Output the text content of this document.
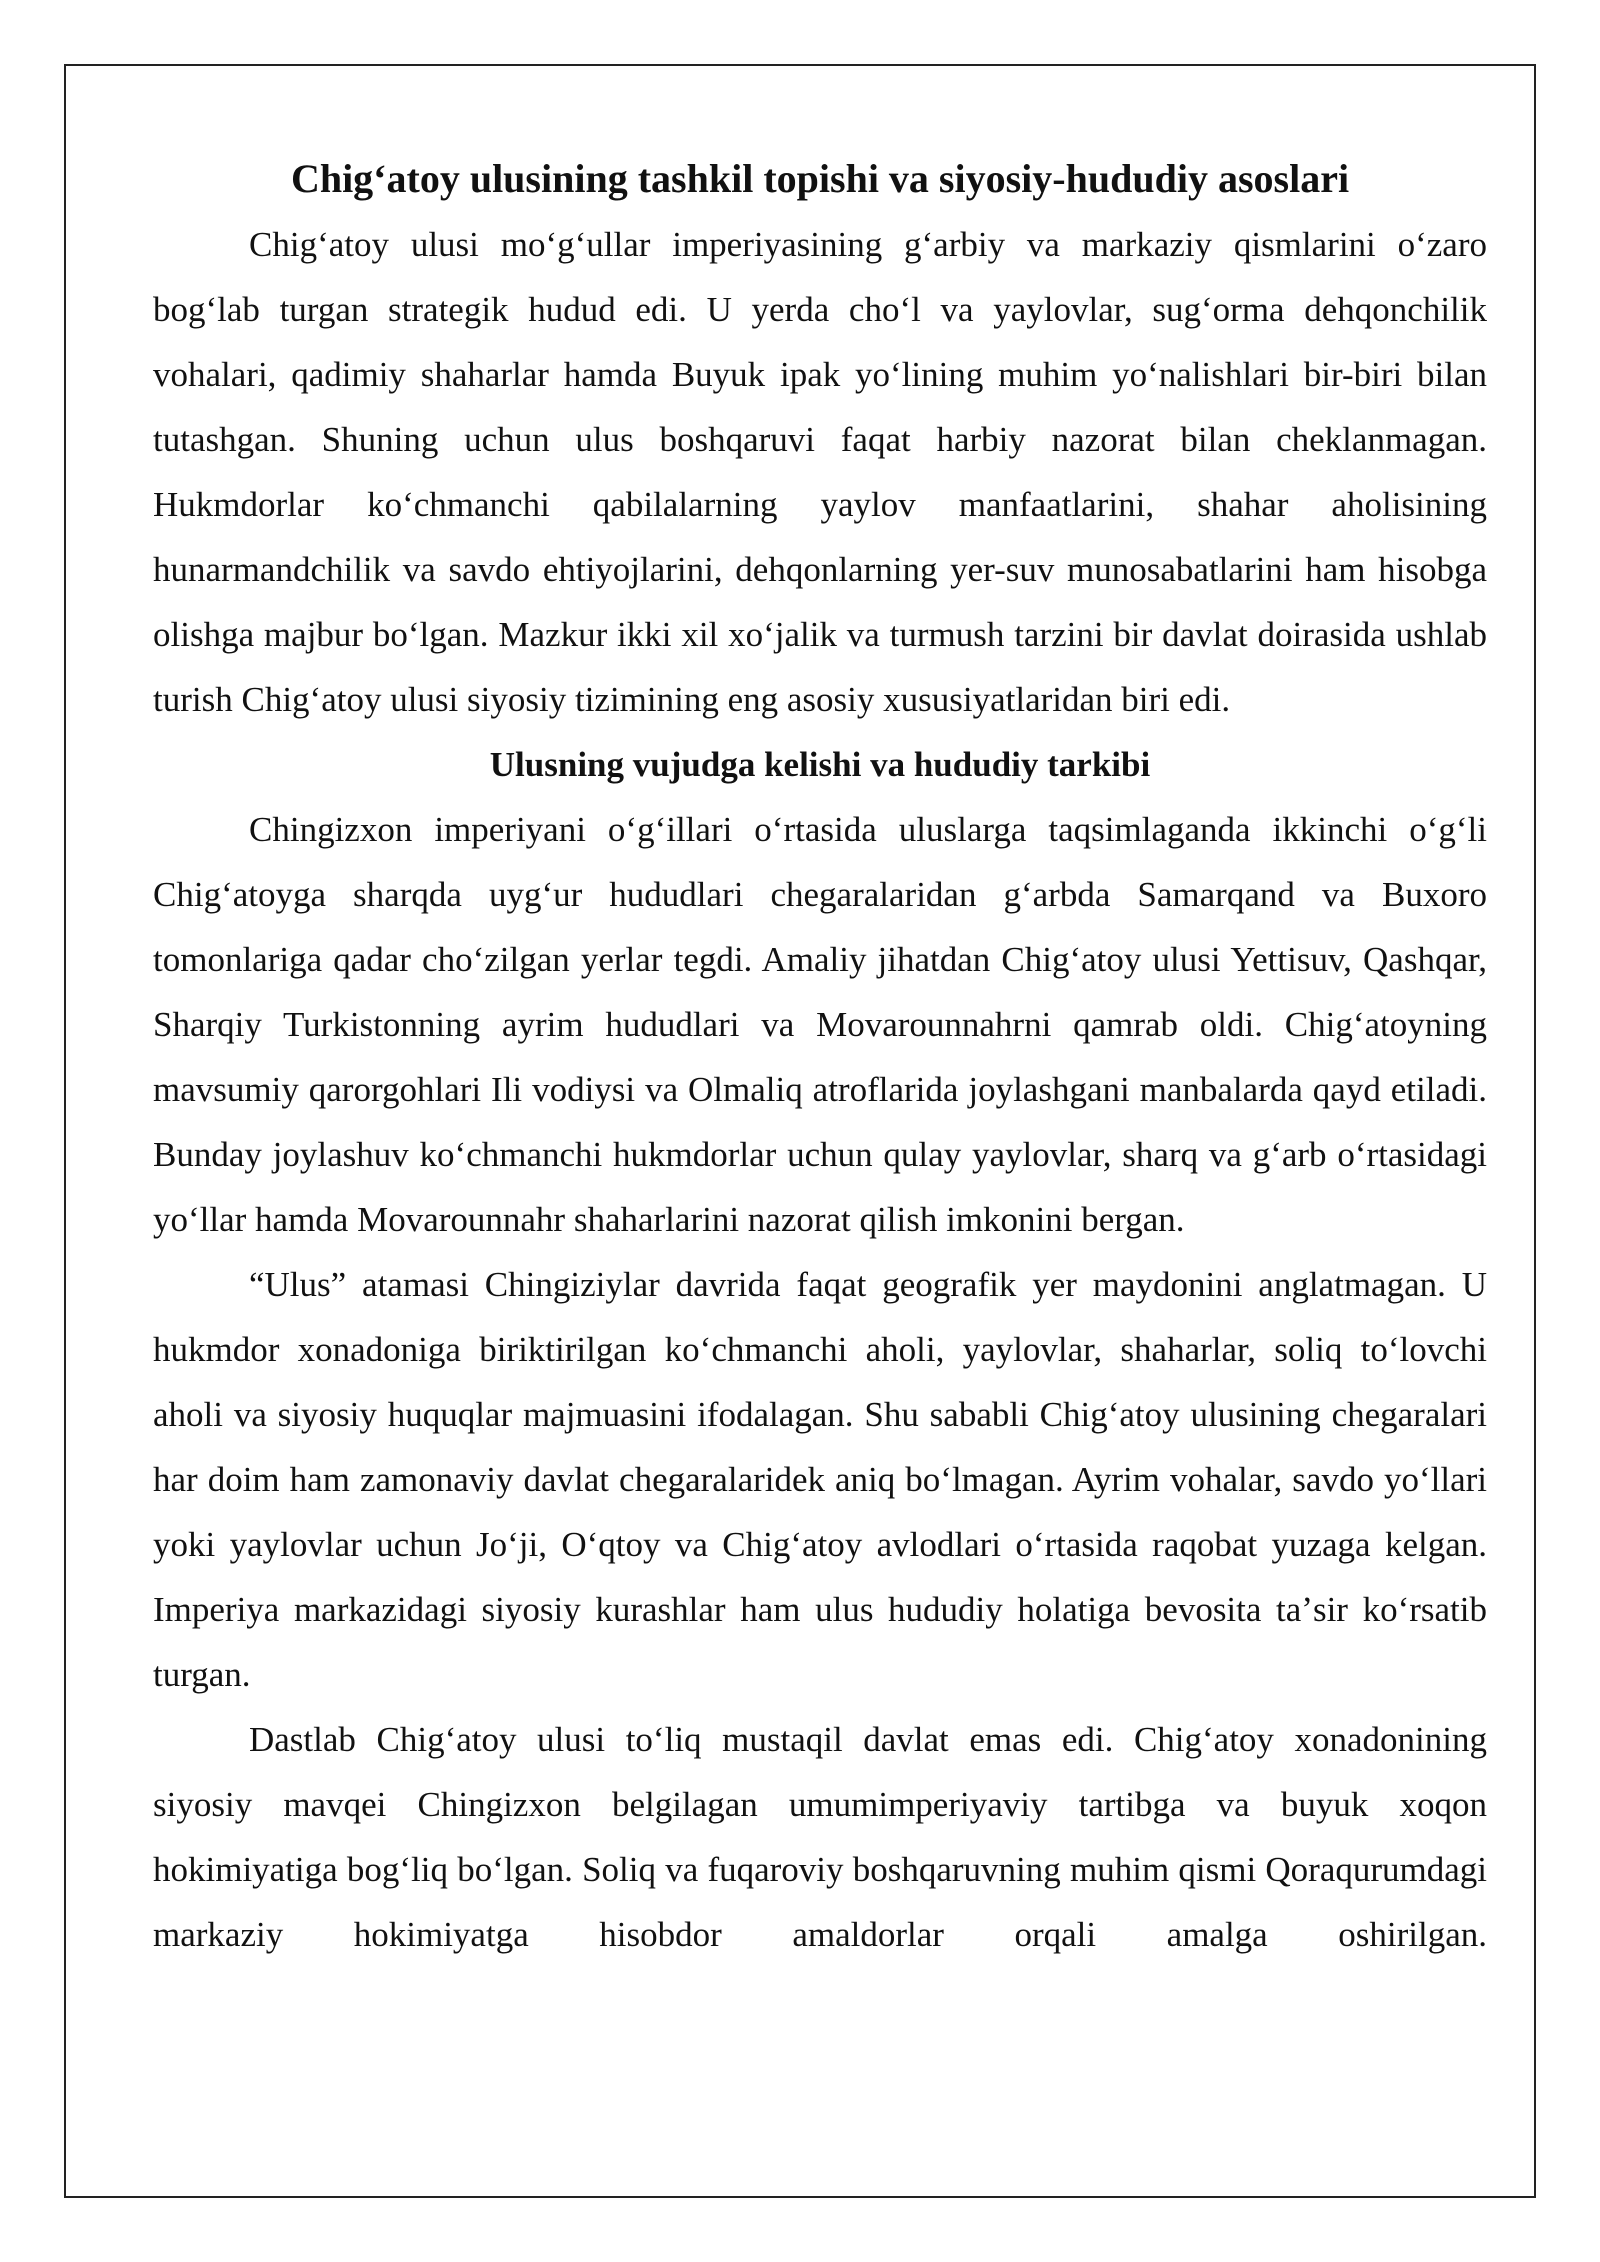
Chigʻatoy ulusining tashkil topishi va siyosiy-hududiy asoslari

Chigʻatoy ulusi moʻgʻullar imperiyasining gʻarbiy va markaziy qismlarini oʻzaro bogʻlab turgan strategik hudud edi. U yerda choʻl va yaylovlar, sugʻorma dehqonchilik vohalari, qadimiy shaharlar hamda Buyuk ipak yoʻlining muhim yoʻnalishlari bir-biri bilan tutashgan. Shuning uchun ulus boshqaruvi faqat harbiy nazorat bilan cheklanmagan. Hukmdorlar koʻchmanchi qabilalarning yaylov manfaatlarini, shahar aholisining hunarmandchilik va savdo ehtiyojlarini, dehqonlarning yer-suv munosabatlarini ham hisobga olishga majbur boʻlgan. Mazkur ikki xil xoʻjalik va turmush tarzini bir davlat doirasida ushlab turish Chigʻatoy ulusi siyosiy tizimining eng asosiy xususiyatlaridan biri edi.

Ulusning vujudga kelishi va hududiy tarkibi

Chingizxon imperiyani oʻgʻillari oʻrtasida uluslarga taqsimlaganda ikkinchi oʻgʻli Chigʻatoyga sharqda uygʻur hududlari chegaralaridan gʻarbda Samarqand va Buxoro tomonlariga qadar choʻzilgan yerlar tegdi. Amaliy jihatdan Chigʻatoy ulusi Yettisuv, Qashqar, Sharqiy Turkistonning ayrim hududlari va Movarounnahrni qamrab oldi. Chigʻatoyning mavsumiy qarorgohlari Ili vodiysi va Olmaliq atroflarida joylashgani manbalarda qayd etiladi. Bunday joylashuv koʻchmanchi hukmdorlar uchun qulay yaylovlar, sharq va gʻarb oʻrtasidagi yoʻllar hamda Movarounnahr shaharlarini nazorat qilish imkonini bergan.

“Ulus” atamasi Chingiziylar davrida faqat geografik yer maydonini anglatmagan. U hukmdor xonadoniga biriktirilgan koʻchmanchi aholi, yaylovlar, shaharlar, soliq toʻlovchi aholi va siyosiy huquqlar majmuasini ifodalagan. Shu sababli Chigʻatoy ulusining chegaralari har doim ham zamonaviy davlat chegaralaridek aniq boʻlmagan. Ayrim vohalar, savdo yoʻllari yoki yaylovlar uchun Joʻji, Oʻqtoy va Chigʻatoy avlodlari oʻrtasida raqobat yuzaga kelgan. Imperiya markazidagi siyosiy kurashlar ham ulus hududiy holatiga bevosita taʼsir koʻrsatib turgan.

Dastlab Chigʻatoy ulusi toʻliq mustaqil davlat emas edi. Chigʻatoy xonadonining siyosiy mavqei Chingizxon belgilagan umumimperiyaviy tartibga va buyuk xoqon hokimiyatiga bogʻliq boʻlgan. Soliq va fuqaroviy boshqaruvning muhim qismi Qoraqurumdagi markaziy hokimiyatga hisobdor amaldorlar orqali amalga oshirilgan.
